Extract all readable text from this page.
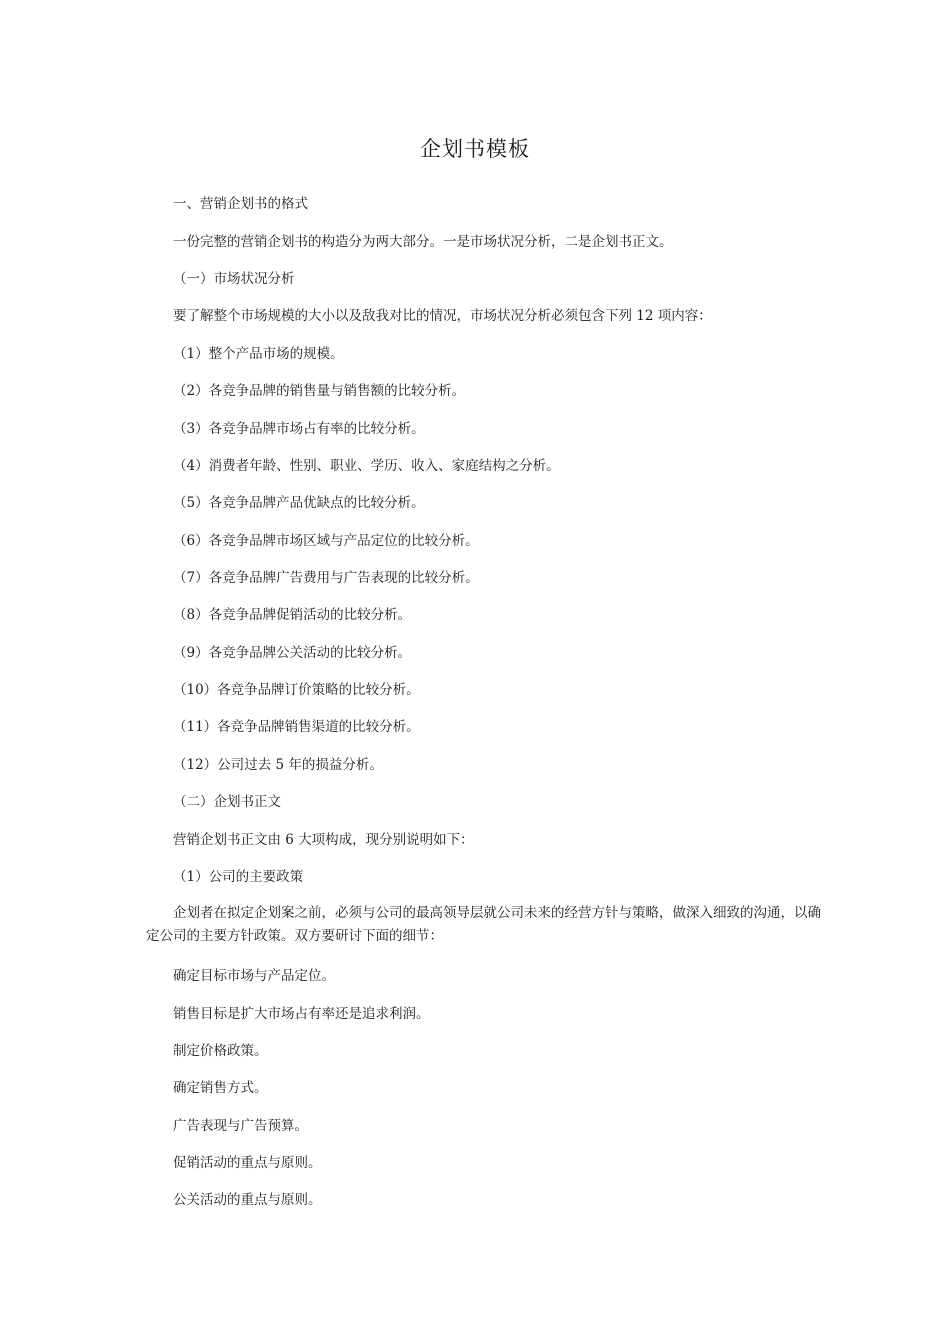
企划书模板
一、营销企划书的格式
一份完整的营销企划书的构造分为两大部分。一是市场状况分析，二是企划书正文。
（一）市场状况分析
要了解整个市场规模的大小以及敌我对比的情况，市场状况分析必须包含下列 12 项内容：
（1）整个产品市场的规模。
（2）各竞争品牌的销售量与销售额的比较分析。
（3）各竞争品牌市场占有率的比较分析。
（4）消费者年龄、性别、职业、学历、收入、家庭结构之分析。
（5）各竞争品牌产品优缺点的比较分析。
（6）各竞争品牌市场区域与产品定位的比较分析。
（7）各竞争品牌广告费用与广告表现的比较分析。
（8）各竞争品牌促销活动的比较分析。
（9）各竞争品牌公关活动的比较分析。
（10）各竞争品牌订价策略的比较分析。
（11）各竞争品牌销售渠道的比较分析。
（12）公司过去 5 年的损益分析。
（二）企划书正文
营销企划书正文由 6 大项构成，现分别说明如下：
（1）公司的主要政策
企划者在拟定企划案之前，必须与公司的最高领导层就公司未来的经营方针与策略，做深入细致的沟通，以确定公司的主要方针政策。双方要研讨下面的细节：
确定目标市场与产品定位。
销售目标是扩大市场占有率还是追求利润。
制定价格政策。
确定销售方式。
广告表现与广告预算。
促销活动的重点与原则。
公关活动的重点与原则。
